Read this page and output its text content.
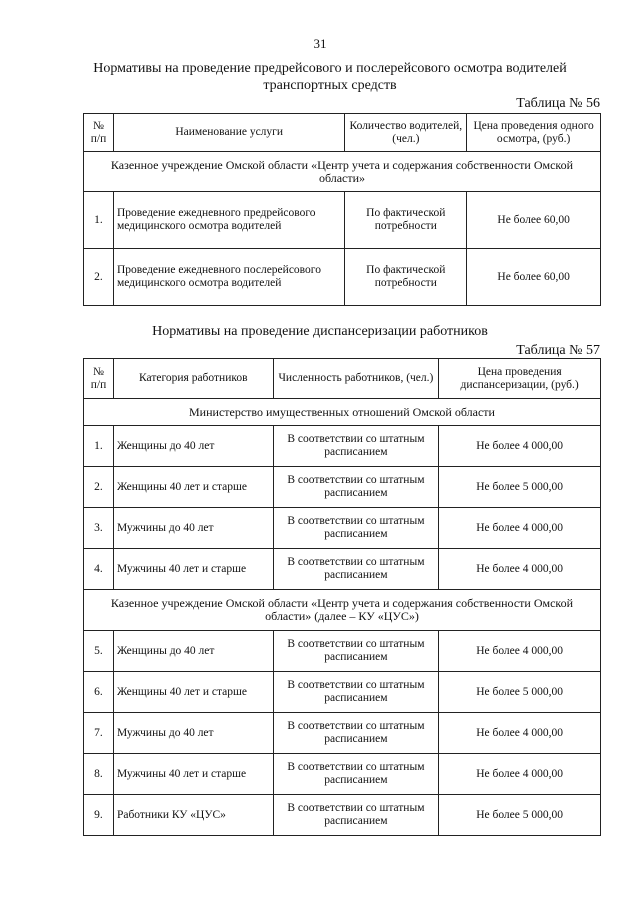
31
Нормативы на проведение предрейсового и послерейсового осмотра водителей
транспортных средств
Таблица № 56
№ п/п	Наименование услуги	Количество водителей, (чел.)	Цена проведения одного осмотра, (руб.)
Казенное учреждение Омской области «Центр учета и содержания собственности Омской области»			
1.	Проведение ежедневного предрейсового медицинского осмотра водителей	По фактической потребности	Не более 60,00
2.	Проведение ежедневного послерейсового медицинского осмотра водителей	По фактической потребности	Не более 60,00
Нормативы на проведение диспансеризации работников
Таблица № 57
№ п/п	Категория работников	Численность работников, (чел.)	Цена проведения диспансеризации, (руб.)
Министерство имущественных отношений Омской области			
1.	Женщины до 40 лет	В соответствии со штатным расписанием	Не более 4 000,00
2.	Женщины 40 лет и старше	В соответствии со штатным расписанием	Не более 5 000,00
3.	Мужчины до 40 лет	В соответствии со штатным расписанием	Не более 4 000,00
4.	Мужчины 40 лет и старше	В соответствии со штатным расписанием	Не более 4 000,00
Казенное учреждение Омской области «Центр учета и содержания собственности Омской области» (далее – КУ «ЦУС»)			
5.	Женщины до 40 лет	В соответствии со штатным расписанием	Не более 4 000,00
6.	Женщины 40 лет и старше	В соответствии со штатным расписанием	Не более 5 000,00
7.	Мужчины до 40 лет	В соответствии со штатным расписанием	Не более 4 000,00
8.	Мужчины 40 лет и старше	В соответствии со штатным расписанием	Не более 4 000,00
9.	Работники КУ «ЦУС»	В соответствии со штатным расписанием	Не более 5 000,00
